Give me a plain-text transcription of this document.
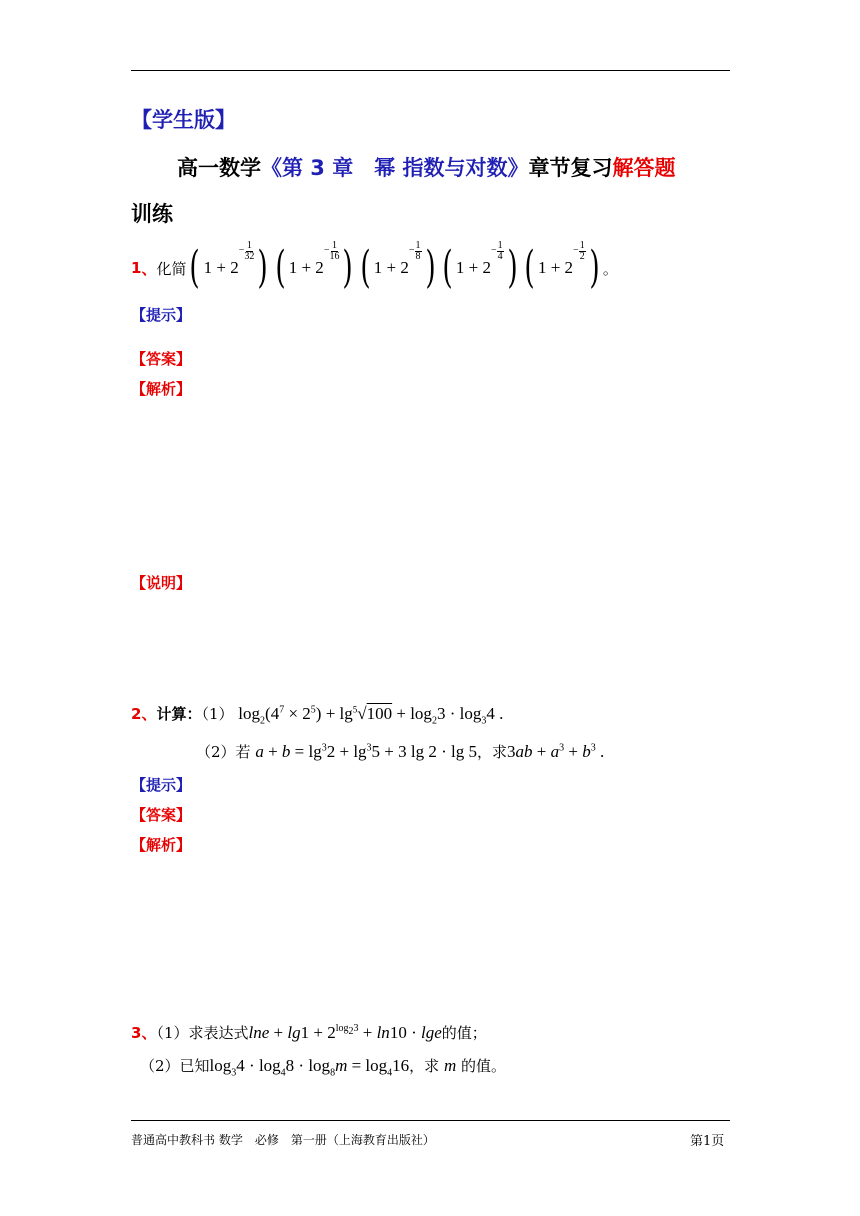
【学生版】
高一数学《第 3 章　幂 指数与对数》章节复习解答题
训练
1 、 化简 ( 1 + 2
− $\frac{1}{32}$ ) ( 1 + 2
− $\frac{1}{16}$ ) ( 1 + 2
− $\frac{1}{8}$ ) ( 1 + 2
− $\frac{1}{4}$ ) ( 1 + 2
− $\frac{1}{2}$ ) 。
【提示】
【答案】
【解析】
【说明】
2、计算：（1） $\log_2(4^7 \times 2^5) + \lg^5√100 + \log_23 \cdot \log_34$ .
（2）若 $a + b = \lg^32 + \lg^35 + 3$ lg 2 · lg 5，求$3ab + a^3 + b^3$ .
【提示】
【答案】
【解析】
3、（1）求表达式$\ln e + \lg 1 + 2^{log_23} + \ln 10 \cdot \lg e$的值；
（2）已知$\log_34 \cdot \log_48 \cdot \log_8m = \log_416$，求 m 的值。
普通高中教科书 数学　必修　第一册（上海教育出版社）	第1页
